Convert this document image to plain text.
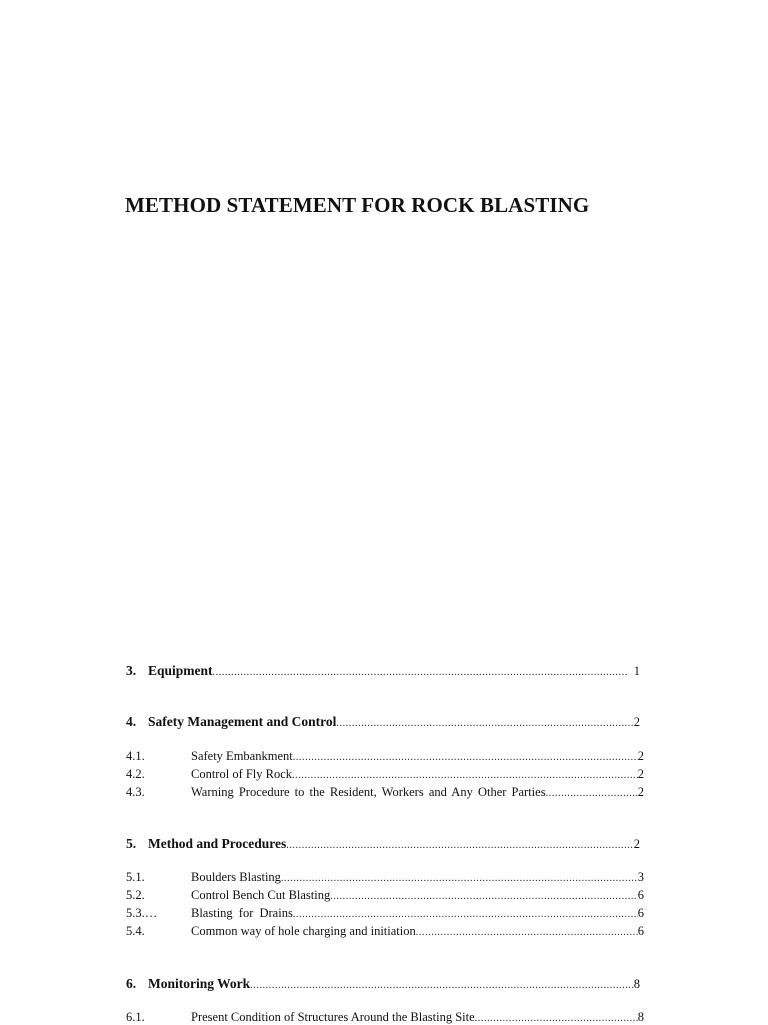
METHOD STATEMENT FOR ROCK BLASTING
3. Equipment .....	1
4. Safety Management and Control .....	2
4.1.	Safety Embankment .....	2
4.2.	Control of Fly Rock .....	2
4.3.	Warning Procedure to the Resident, Workers and Any Other Parties .....	2
5. Method and Procedures .....	2
5.1.	Boulders Blasting .....	3
5.2.	Control Bench Cut Blasting .....	6
5.3.…	Blasting for Drains .....	6
5.4.	Common way of hole charging and initiation .....	6
6. Monitoring Work .....	8
6.1.	Present Condition of Structures Around the Blasting Site .....	8
